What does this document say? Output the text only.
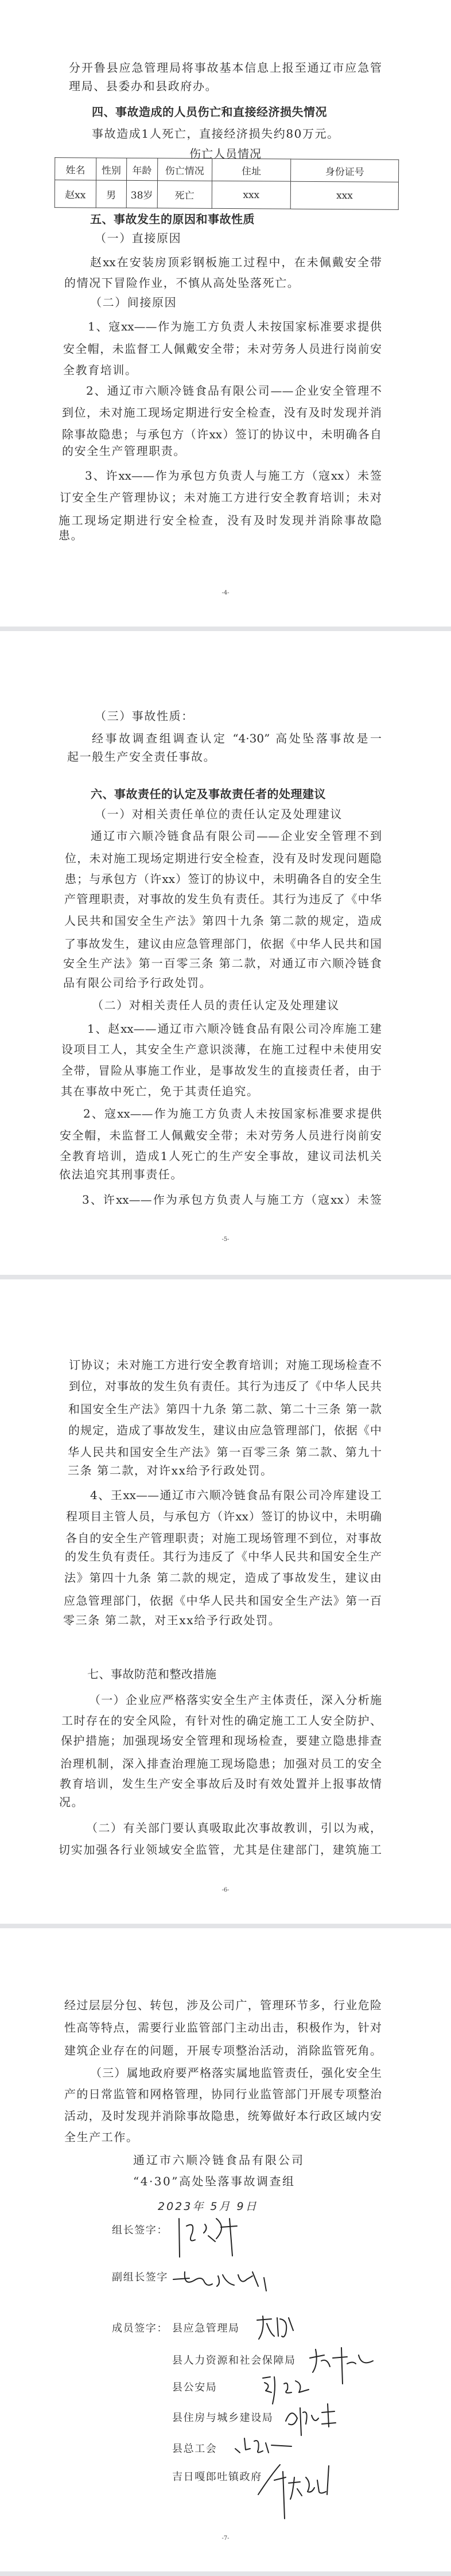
分开鲁县应急管理局将事故基本信息上报至通辽市应急管
理局、县委办和县政府办。
四、事故造成的人员伤亡和直接经济损失情况
事故造成1人死亡，直接经济损失约80万元。
伤亡人员情况
姓名	性别	年龄	伤亡情况	住址	身份证号
赵xx	男	38岁	死亡	xxx	xxx
五、事故发生的原因和事故性质
（一）直接原因
赵xx在安装房顶彩钢板施工过程中，在未佩戴安全带
的情况下冒险作业，不慎从高处坠落死亡。
（二）间接原因
1、寇xx——作为施工方负责人未按国家标准要求提供
安全帽，未监督工人佩戴安全带；未对劳务人员进行岗前安
全教育培训。
2、通辽市六顺冷链食品有限公司——企业安全管理不
到位，未对施工现场定期进行安全检查，没有及时发现并消
除事故隐患；与承包方（许xx）签订的协议中，未明确各自
的安全生产管理职责。
3、许xx——作为承包方负责人与施工方（寇xx）未签
订安全生产管理协议；未对施工方进行安全教育培训；未对
施工现场定期进行安全检查，没有及时发现并消除事故隐
患。
-4-
（三）事故性质：
经事故调查组调查认定 “4·30” 高处坠落事故是一
起一般生产安全责任事故。
六、事故责任的认定及事故责任者的处理建议
（一）对相关责任单位的责任认定及处理建议
通辽市六顺冷链食品有限公司——企业安全管理不到
位，未对施工现场定期进行安全检查，没有及时发现问题隐
患；与承包方（许xx）签订的协议中，未明确各自的安全生
产管理职责，对事故的发生负有责任。其行为违反了《中华
人民共和国安全生产法》第四十九条 第二款的规定，造成
了事故发生，建议由应急管理部门，依据《中华人民共和国
安全生产法》第一百零三条 第二款，对通辽市六顺冷链食
品有限公司给予行政处罚。
（二）对相关责任人员的责任认定及处理建议
1、赵xx——通辽市六顺冷链食品有限公司冷库施工建
设项目工人，其安全生产意识淡薄，在施工过程中未使用安
全带，冒险从事施工作业，是事故发生的直接责任者，由于
其在事故中死亡，免于其责任追究。
2、寇xx——作为施工方负责人未按国家标准要求提供
安全帽，未监督工人佩戴安全带；未对劳务人员进行岗前安
全教育培训，造成1人死亡的生产安全事故，建议司法机关
依法追究其刑事责任。
3、许xx——作为承包方负责人与施工方（寇xx）未签
-5-
订协议；未对施工方进行安全教育培训；对施工现场检查不
到位，对事故的发生负有责任。其行为违反了《中华人民共
和国安全生产法》第四十九条 第二款、第二十三条 第一款
的规定，造成了事故发生，建议由应急管理部门，依据《中
华人民共和国安全生产法》第一百零三条 第二款、第九十
三条 第二款，对许xx给予行政处罚。
4、王xx——通辽市六顺冷链食品有限公司冷库建设工
程项目主管人员，与承包方（许xx）签订的协议中，未明确
各自的安全生产管理职责；对施工现场管理不到位，对事故
的发生负有责任。其行为违反了《中华人民共和国安全生产
法》第四十九条 第二款的规定，造成了事故发生，建议由
应急管理部门，依据《中华人民共和国安全生产法》第一百
零三条 第二款，对王xx给予行政处罚。
七、事故防范和整改措施
（一）企业应严格落实安全生产主体责任，深入分析施
工时存在的安全风险，有针对性的确定施工工人安全防护、
保护措施；加强现场安全管理和现场检查，要建立隐患排查
治理机制，深入排查治理施工现场隐患；加强对员工的安全
教育培训，发生生产安全事故后及时有效处置并上报事故情
况。
（二）有关部门要认真吸取此次事故教训，引以为戒，
切实加强各行业领域安全监管，尤其是住建部门，建筑施工
-6-
经过层层分包、转包，涉及公司广，管理环节多，行业危险
性高等特点，需要行业监管部门主动出击，积极作为，针对
建筑企业存在的问题，开展专项整治活动，消除监管死角。
（三）属地政府要严格落实属地监管责任，强化安全生
产的日常监管和网格管理，协同行业监管部门开展专项整治
活动，及时发现并消除事故隐患，统筹做好本行政区域内安
全生产工作。
通辽市六顺冷链食品有限公司
“4·30”高处坠落事故调查组
2023年 5月 9日
组长签字：
副组长签字
成员签字： 县应急管理局
县人力资源和社会保障局
县公安局
县住房与城乡建设局
县总工会
吉日嘎郎吐镇政府
-7-
